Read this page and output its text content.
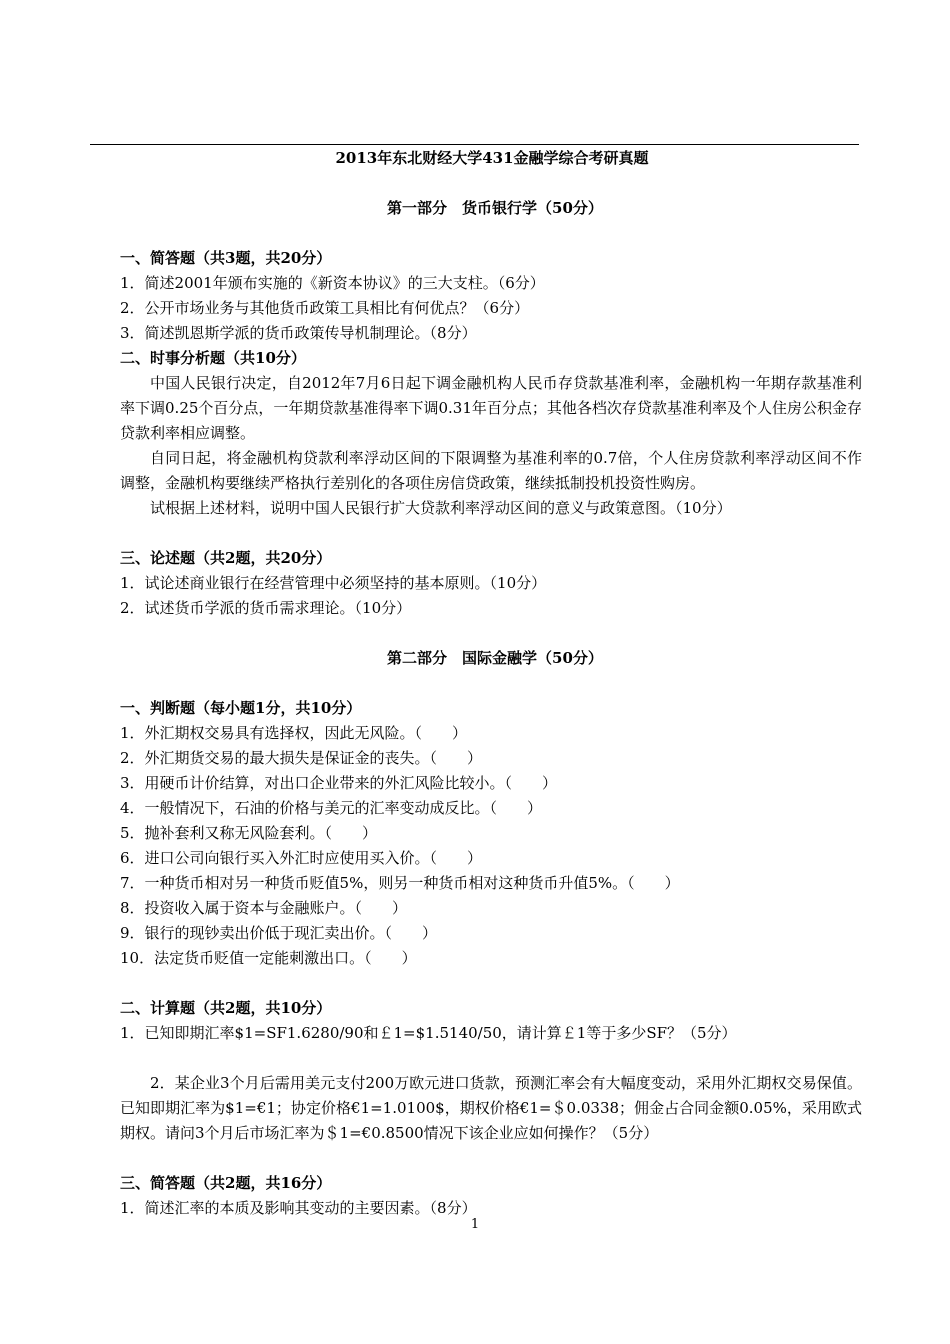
2013年东北财经大学431金融学综合考研真题
第一部分　货币银行学（50分）
一、简答题（共3题，共20分）
1．简述2001年颁布实施的《新资本协议》的三大支柱。（6分）
2．公开市场业务与其他货币政策工具相比有何优点？（6分）
3．简述凯恩斯学派的货币政策传导机制理论。（8分）
二、时事分析题（共10分）

中国人民银行决定，自2012年7月6日起下调金融机构人民币存贷款基准利率，金融机构一年期存款基准利率下调0.25个百分点，一年期贷款基准得率下调0.31年百分点；其他各档次存贷款基准利率及个人住房公积金存贷款利率相应调整。

自同日起，将金融机构贷款利率浮动区间的下限调整为基准利率的0.7倍，个人住房贷款利率浮动区间不作调整，金融机构要继续严格执行差别化的各项住房信贷政策，继续抵制投机投资性购房。

试根据上述材料，说明中国人民银行扩大贷款利率浮动区间的意义与政策意图。（10分）

三、论述题（共2题，共20分）
1．试论述商业银行在经营管理中必须坚持的基本原则。（10分）
2．试述货币学派的货币需求理论。（10分）
第二部分　国际金融学（50分）
一、判断题（每小题1分，共10分）
1．外汇期权交易具有选择权，因此无风险。（　　）
2．外汇期货交易的最大损失是保证金的丧失。（　　）
3．用硬币计价结算，对出口企业带来的外汇风险比较小。（　　）
4．一般情况下，石油的价格与美元的汇率变动成反比。（　　）
5．抛补套利又称无风险套利。（　　）
6．进口公司向银行买入外汇时应使用买入价。（　　）
7．一种货币相对另一种货币贬值5%，则另一种货币相对这种货币升值5%。（　　）
8．投资收入属于资本与金融账户。（　　）
9．银行的现钞卖出价低于现汇卖出价。（　　）
10．法定货币贬值一定能刺激出口。（　　）
二、计算题（共2题，共10分）
1．已知即期汇率$1=SF1.6280/90和￡1=$1.5140/50，请计算￡1等于多少SF？（5分）

2．某企业3个月后需用美元支付200万欧元进口货款，预测汇率会有大幅度变动，采用外汇期权交易保值。已知即期汇率为$1=€1；协定价格€1=1.0100$，期权价格€1=＄0.0338；佣金占合同金额0.05%，采用欧式期权。请问3个月后市场汇率为＄1=€0.8500情况下该企业应如何操作？（5分）

三、简答题（共2题，共16分）
1．简述汇率的本质及影响其变动的主要因素。（8分）
1
